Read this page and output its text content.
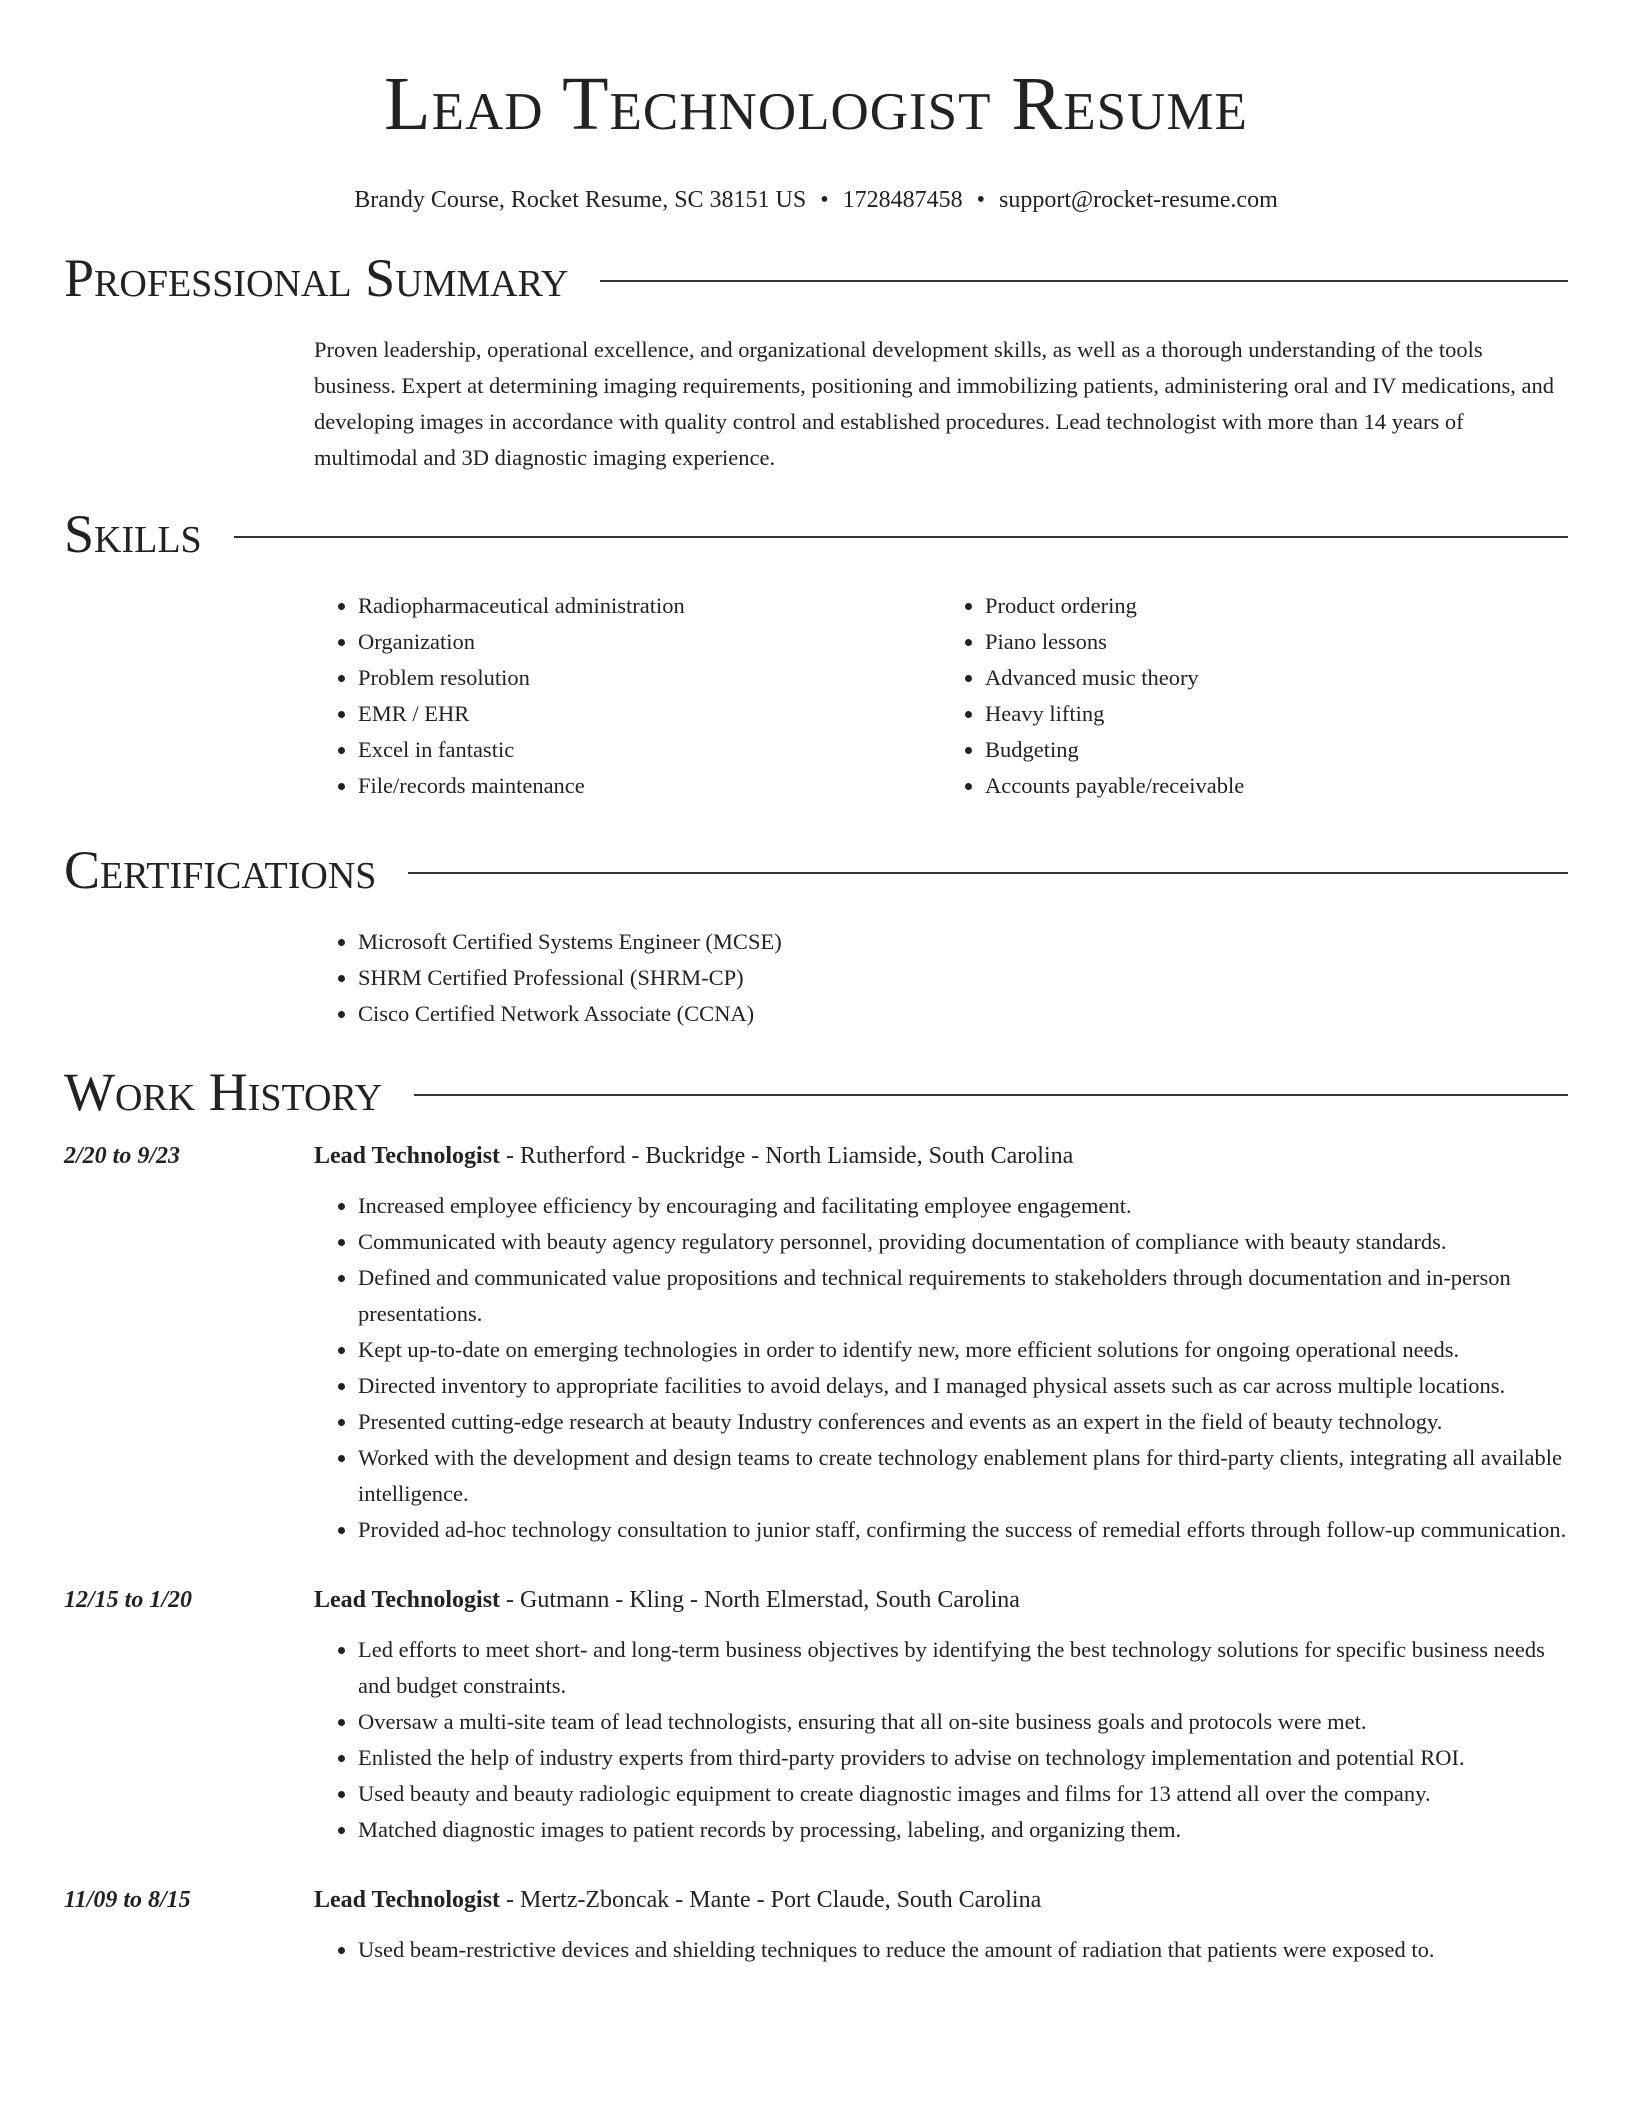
Lead Technologist Resume
Brandy Course, Rocket Resume, SC 38151 US • 1728487458 • support@rocket-resume.com
Professional Summary
Proven leadership, operational excellence, and organizational development skills, as well as a thorough understanding of the tools business. Expert at determining imaging requirements, positioning and immobilizing patients, administering oral and IV medications, and developing images in accordance with quality control and established procedures. Lead technologist with more than 14 years of multimodal and 3D diagnostic imaging experience.
Skills
• Radiopharmaceutical administration
• Organization
• Problem resolution
• EMR / EHR
• Excel in fantastic
• File/records maintenance
• Product ordering
• Piano lessons
• Advanced music theory
• Heavy lifting
• Budgeting
• Accounts payable/receivable
Certifications
• Microsoft Certified Systems Engineer (MCSE)
• SHRM Certified Professional (SHRM-CP)
• Cisco Certified Network Associate (CCNA)
Work History
2/20 to 9/23	Lead Technologist - Rutherford - Buckridge - North Liamside, South Carolina
• Increased employee efficiency by encouraging and facilitating employee engagement.
• Communicated with beauty agency regulatory personnel, providing documentation of compliance with beauty standards.
• Defined and communicated value propositions and technical requirements to stakeholders through documentation and in-person presentations.
• Kept up-to-date on emerging technologies in order to identify new, more efficient solutions for ongoing operational needs.
• Directed inventory to appropriate facilities to avoid delays, and I managed physical assets such as car across multiple locations.
• Presented cutting-edge research at beauty Industry conferences and events as an expert in the field of beauty technology.
• Worked with the development and design teams to create technology enablement plans for third-party clients, integrating all available intelligence.
• Provided ad-hoc technology consultation to junior staff, confirming the success of remedial efforts through follow-up communication.
12/15 to 1/20	Lead Technologist - Gutmann - Kling - North Elmerstad, South Carolina
• Led efforts to meet short- and long-term business objectives by identifying the best technology solutions for specific business needs and budget constraints.
• Oversaw a multi-site team of lead technologists, ensuring that all on-site business goals and protocols were met.
• Enlisted the help of industry experts from third-party providers to advise on technology implementation and potential ROI.
• Used beauty and beauty radiologic equipment to create diagnostic images and films for 13 attend all over the company.
• Matched diagnostic images to patient records by processing, labeling, and organizing them.
11/09 to 8/15	Lead Technologist - Mertz-Zboncak - Mante - Port Claude, South Carolina
• Used beam-restrictive devices and shielding techniques to reduce the amount of radiation that patients were exposed to.
